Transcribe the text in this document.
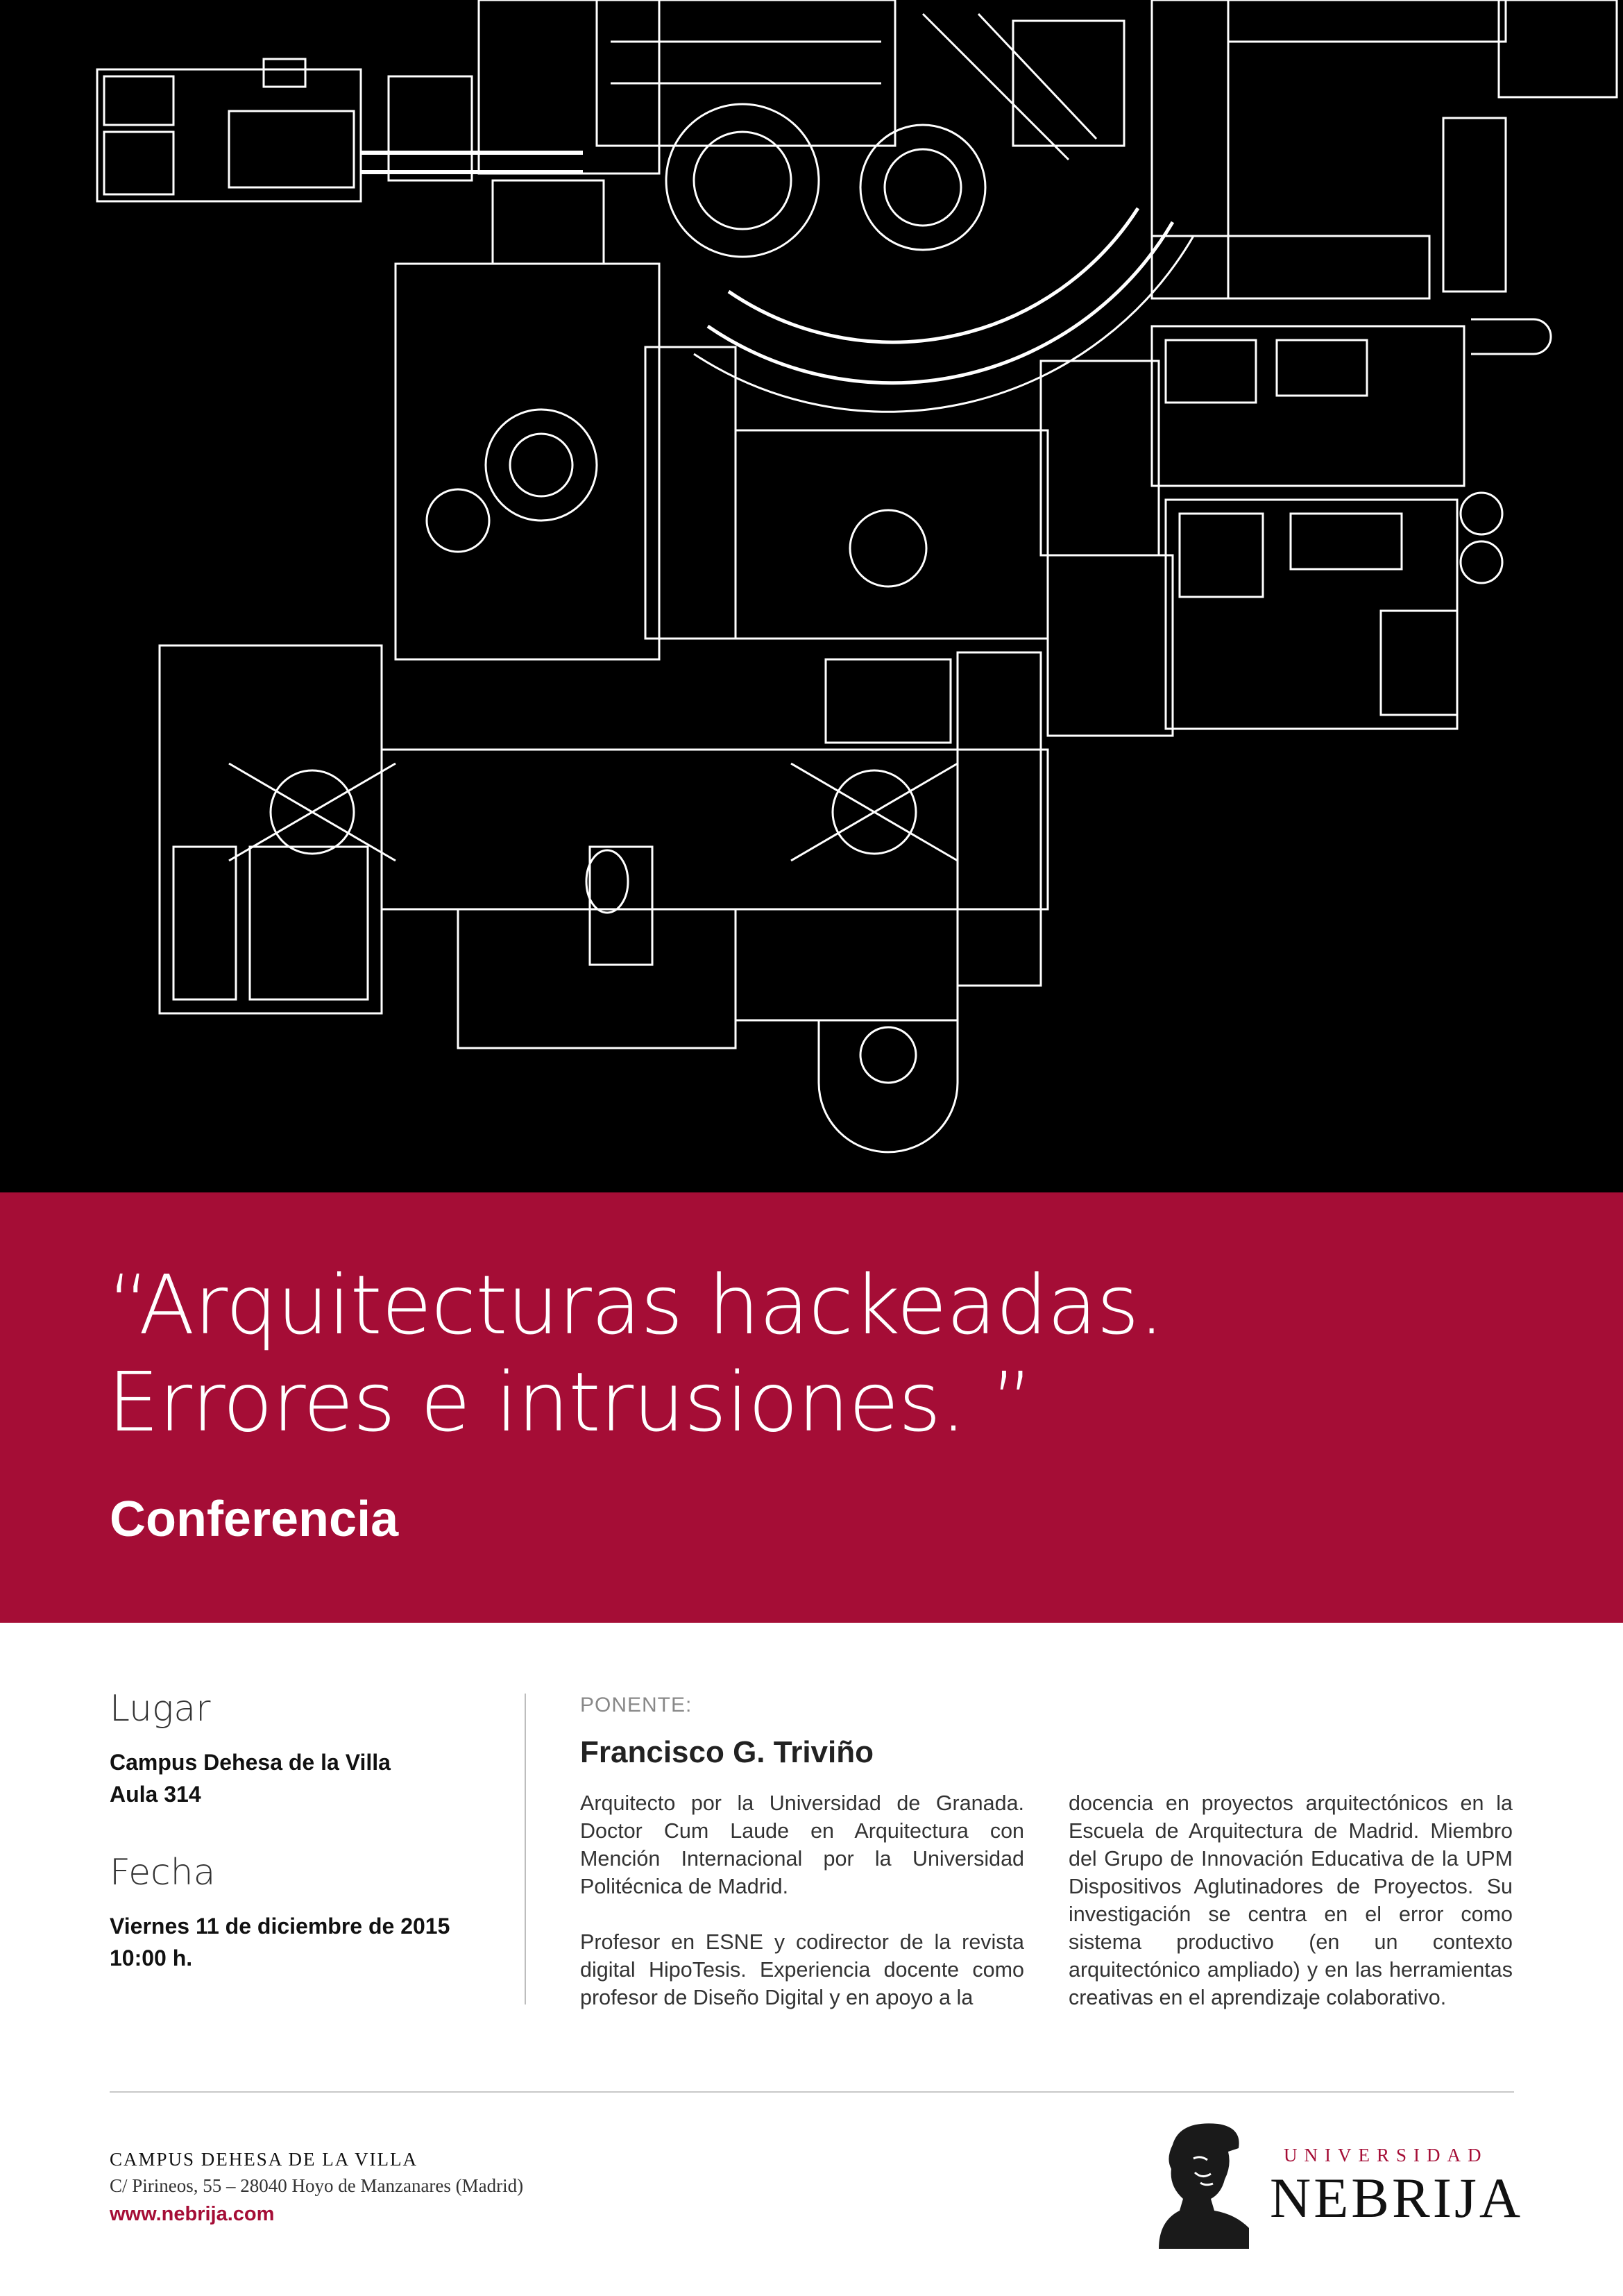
“Arquitecturas hackeadas.
Errores e intrusiones. ”
Conferencia
Lugar
Campus Dehesa de la Villa
Aula 314
Fecha
Viernes 11 de diciembre de 2015
10:00 h.
PONENTE:
Francisco G. Triviño

Arquitecto por la Universidad de Granada. Doctor Cum Laude en Arquitectura con Mención Internacional por la Universidad Politécnica de Madrid.

Profesor en ESNE y codirector de la revista digital HipoTesis. Experiencia docente como profesor de Diseño Digital y en apoyo a la

docencia en proyectos arquitectónicos en la Escuela de Arquitectura de Madrid. Miembro del Grupo de Innovación Educativa de la UPM Dispositivos Aglutinadores de Proyectos. Su investigación se centra en el error como sistema productivo (en un contexto arquitectónico ampliado) y en las herramientas creativas en el aprendizaje colaborativo.

CAMPUS DEHESA DE LA VILLA
C/ Pirineos, 55 – 28040 Hoyo de Manzanares (Madrid)
www.nebrija.com
UNIVERSIDAD
NEBRIJA
